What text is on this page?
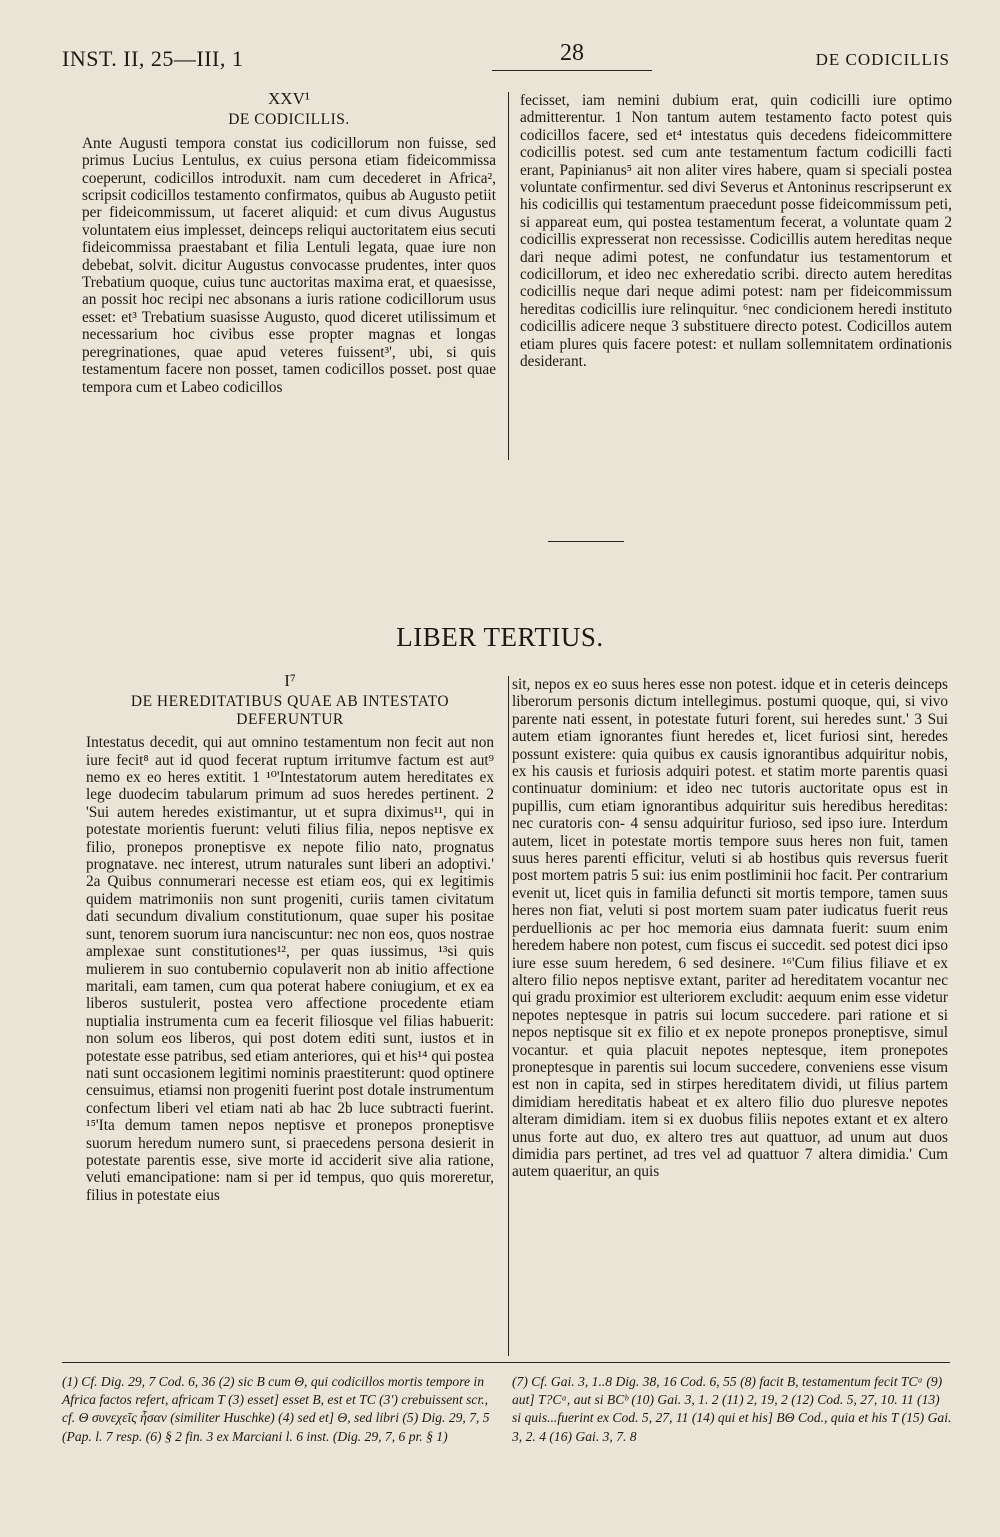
INST. II, 25—III, 1	28	DE CODICILLIS
XXV¹
DE CODICILLIS.

Ante Augusti tempora constat ius codicillorum non fuisse, sed primus Lucius Lentulus, ex cuius persona etiam fideicommissa coeperunt, codicillos introduxit. nam cum decederet in Africa², scripsit codicillos testamento confirmatos, quibus ab Augusto petiit per fideicommissum, ut faceret aliquid: et cum divus Augustus voluntatem eius implesset, deinceps reliqui auctoritatem eius secuti fideicommissa praestabant et filia Lentuli legata, quae iure non debebat, solvit. dicitur Augustus convocasse prudentes, inter quos Trebatium quoque, cuius tunc auctoritas maxima erat, et quaesisse, an possit hoc recipi nec absonans a iuris ratione codicillorum usus esset: et³ Trebatium suasisse Augusto, quod diceret utilissimum et necessarium hoc civibus esse propter magnas et longas peregrinationes, quae apud veteres fuissent³', ubi, si quis testamentum facere non posset, tamen codicillos posset. post quae tempora cum et Labeo codicillos

fecisset, iam nemini dubium erat, quin codicilli iure optimo admitterentur. 1 Non tantum autem testamento facto potest quis codicillos facere, sed et⁴ intestatus quis decedens fideicommittere codicillis potest. sed cum ante testamentum factum codicilli facti erant, Papinianus⁵ ait non aliter vires habere, quam si speciali postea voluntate confirmentur. sed divi Severus et Antoninus rescripserunt ex his codicillis qui testamentum praecedunt posse fideicommissum peti, si appareat eum, qui postea testamentum fecerat, a voluntate quam 2 codicillis expresserat non recessisse. Codicillis autem hereditas neque dari neque adimi potest, ne confundatur ius testamentorum et codicillorum, et ideo nec exheredatio scribi. directo autem hereditas codicillis neque dari neque adimi potest: nam per fideicommissum hereditas codicillis iure relinquitur. ⁶nec condicionem heredi instituto codicillis adicere neque 3 substituere directo potest. Codicillos autem etiam plures quis facere potest: et nullam sollemnitatem ordinationis desiderant.

LIBER TERTIUS.
I⁷
DE HEREDITATIBUS QUAE AB INTESTATO DEFERUNTUR

Intestatus decedit, qui aut omnino testamentum non fecit aut non iure fecit⁸ aut id quod fecerat ruptum irritumve factum est aut⁹ nemo ex eo heres extitit. 1 ¹⁰'Intestatorum autem hereditates ex lege duodecim tabularum primum ad suos heredes pertinent. 2 'Sui autem heredes existimantur, ut et supra diximus¹¹, qui in potestate morientis fuerunt: veluti filius filia, nepos neptisve ex filio, pronepos proneptisve ex nepote filio nato, prognatus prognatave. nec interest, utrum naturales sunt liberi an adoptivi.' 2a Quibus connumerari necesse est etiam eos, qui ex legitimis quidem matrimoniis non sunt progeniti, curiis tamen civitatum dati secundum divalium constitutionum, quae super his positae sunt, tenorem suorum iura nanciscuntur: nec non eos, quos nostrae amplexae sunt constitutiones¹², per quas iussimus, ¹³si quis mulierem in suo contubernio copulaverit non ab initio affectione maritali, eam tamen, cum qua poterat habere coniugium, et ex ea liberos sustulerit, postea vero affectione procedente etiam nuptialia instrumenta cum ea fecerit filiosque vel filias habuerit: non solum eos liberos, qui post dotem editi sunt, iustos et in potestate esse patribus, sed etiam anteriores, qui et his¹⁴ qui postea nati sunt occasionem legitimi nominis praestiterunt: quod optinere censuimus, etiamsi non progeniti fuerint post dotale instrumentum confectum liberi vel etiam nati ab hac 2b luce subtracti fuerint. ¹⁵'Ita demum tamen nepos neptisve et pronepos proneptisve suorum heredum numero sunt, si praecedens persona desierit in potestate parentis esse, sive morte id acciderit sive alia ratione, veluti emancipatione: nam si per id tempus, quo quis moreretur, filius in potestate eius

sit, nepos ex eo suus heres esse non potest. idque et in ceteris deinceps liberorum personis dictum intellegimus. postumi quoque, qui, si vivo parente nati essent, in potestate futuri forent, sui heredes sunt.' 3 Sui autem etiam ignorantes fiunt heredes et, licet furiosi sint, heredes possunt existere: quia quibus ex causis ignorantibus adquiritur nobis, ex his causis et furiosis adquiri potest. et statim morte parentis quasi continuatur dominium: et ideo nec tutoris auctoritate opus est in pupillis, cum etiam ignorantibus adquiritur suis heredibus hereditas: nec curatoris con- 4 sensu adquiritur furioso, sed ipso iure. Interdum autem, licet in potestate mortis tempore suus heres non fuit, tamen suus heres parenti efficitur, veluti si ab hostibus quis reversus fuerit post mortem patris 5 sui: ius enim postliminii hoc facit. Per contrarium evenit ut, licet quis in familia defuncti sit mortis tempore, tamen suus heres non fiat, veluti si post mortem suam pater iudicatus fuerit reus perduellionis ac per hoc memoria eius damnata fuerit: suum enim heredem habere non potest, cum fiscus ei succedit. sed potest dici ipso iure esse suum heredem, 6 sed desinere. ¹⁶'Cum filius filiave et ex altero filio nepos neptisve extant, pariter ad hereditatem vocantur nec qui gradu proximior est ulteriorem excludit: aequum enim esse videtur nepotes neptesque in patris sui locum succedere. pari ratione et si nepos neptisque sit ex filio et ex nepote pronepos proneptisve, simul vocantur. et quia placuit nepotes neptesque, item pronepotes proneptesque in parentis sui locum succedere, conveniens esse visum est non in capita, sed in stirpes hereditatem dividi, ut filius partem dimidiam hereditatis habeat et ex altero filio duo pluresve nepotes alteram dimidiam. item si ex duobus filiis nepotes extant et ex altero unus forte aut duo, ex altero tres aut quattuor, ad unum aut duos dimidia pars pertinet, ad tres vel ad quattuor 7 altera dimidia.' Cum autem quaeritur, an quis

(1) Cf. Dig. 29, 7 Cod. 6, 36 (2) sic B cum Θ, qui codicillos mortis tempore in Africa factos refert, africam T (3) esset] esset B, est et TC (3') crebuissent scr., cf. Θ συνεχεῖς ἦσαν (similiter Huschke) (4) sed et] Θ, sed libri (5) Dig. 29, 7, 5 (Pap. l. 7 resp. (6) § 2 fin. 3 ex Marciani l. 6 inst. (Dig. 29, 7, 6 pr. § 1)
(7) Cf. Gai. 3, 1..8 Dig. 38, 16 Cod. 6, 55 (8) facit B, testamentum fecit TCᵃ (9) aut] T?Cᵃ, aut si BCᵇ (10) Gai. 3, 1. 2 (11) 2, 19, 2 (12) Cod. 5, 27, 10. 11 (13) si quis...fuerint ex Cod. 5, 27, 11 (14) qui et his] BΘ Cod., quia et his T (15) Gai. 3, 2. 4 (16) Gai. 3, 7. 8
